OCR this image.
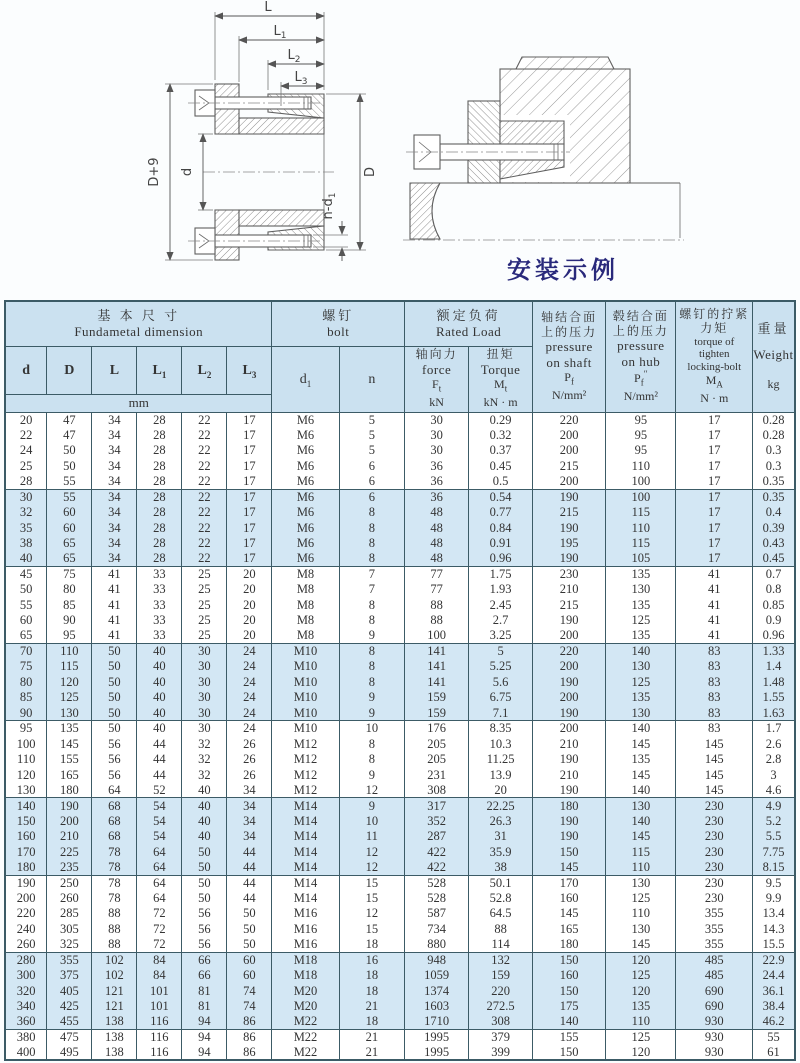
L
$L_1$
$L_2$
$L_3$
D+9 d	D
$n-d_1$
安装示例
基 本 尺 寸
Fundametal dimension

螺钉
bolt

额定负荷
Rated Load

轴结合面
上的压力
pressure
on shaft
$P_f$
N/mm²

毂结合面
上的压力
pressure
on hub
$P_f''$
N/mm²

螺钉的拧紧
力矩
torque of
tighten
locking-bolt
$M_A$
N · m

重量
Weight
kg

d	D	L	$L_1$	$L_2$	$L_3$	$d_1$	n	
轴向力
force
$F_t$
kN

扭矩
Torque
$M_t$
kN · m

mm													
20	47	34	28	22	17	M6	5	30	0.29	220	95	17	0.28
22	47	34	28	22	17	M6	5	30	0.32	200	95	17	0.28
24	50	34	28	22	17	M6	5	30	0.37	200	95	17	0.3
25	50	34	28	22	17	M6	6	36	0.45	215	110	17	0.3
28	55	34	28	22	17	M6	6	36	0.5	200	100	17	0.35
30	55	34	28	22	17	M6	6	36	0.54	190	100	17	0.35
32	60	34	28	22	17	M6	8	48	0.77	215	115	17	0.4
35	60	34	28	22	17	M6	8	48	0.84	190	110	17	0.39
38	65	34	28	22	17	M6	8	48	0.91	195	115	17	0.43
40	65	34	28	22	17	M6	8	48	0.96	190	105	17	0.45
45	75	41	33	25	20	M8	7	77	1.75	230	135	41	0.7
50	80	41	33	25	20	M8	7	77	1.93	210	130	41	0.8
55	85	41	33	25	20	M8	8	88	2.45	215	135	41	0.85
60	90	41	33	25	20	M8	8	88	2.7	190	125	41	0.9
65	95	41	33	25	20	M8	9	100	3.25	200	135	41	0.96
70	110	50	40	30	24	M10	8	141	5	220	140	83	1.33
75	115	50	40	30	24	M10	8	141	5.25	200	130	83	1.4
80	120	50	40	30	24	M10	8	141	5.6	190	125	83	1.48
85	125	50	40	30	24	M10	9	159	6.75	200	135	83	1.55
90	130	50	40	30	24	M10	9	159	7.1	190	130	83	1.63
95	135	50	40	30	24	M10	10	176	8.35	200	140	83	1.7
100	145	56	44	32	26	M12	8	205	10.3	210	145	145	2.6
110	155	56	44	32	26	M12	8	205	11.25	190	135	145	2.8
120	165	56	44	32	26	M12	9	231	13.9	210	145	145	3
130	180	64	52	40	34	M12	12	308	20	190	140	145	4.6
140	190	68	54	40	34	M14	9	317	22.25	180	130	230	4.9
150	200	68	54	40	34	M14	10	352	26.3	190	140	230	5.2
160	210	68	54	40	34	M14	11	287	31	190	145	230	5.5
170	225	78	64	50	44	M14	12	422	35.9	150	115	230	7.75
180	235	78	64	50	44	M14	12	422	38	145	110	230	8.15
190	250	78	64	50	44	M14	15	528	50.1	170	130	230	9.5
200	260	78	64	50	44	M14	15	528	52.8	160	125	230	9.9
220	285	88	72	56	50	M16	12	587	64.5	145	110	355	13.4
240	305	88	72	56	50	M16	15	734	88	165	130	355	14.3
260	325	88	72	56	50	M16	18	880	114	180	145	355	15.5
280	355	102	84	66	60	M18	16	948	132	150	120	485	22.9
300	375	102	84	66	60	M18	18	1059	159	160	125	485	24.4
320	405	121	101	81	74	M20	18	1374	220	150	120	690	36.1
340	425	121	101	81	74	M20	21	1603	272.5	175	135	690	38.4
360	455	138	116	94	86	M22	18	1710	308	140	110	930	46.2
380	475	138	116	94	86	M22	21	1995	379	155	125	930	55
400	495	138	116	94	86	M22	21	1995	399	150	120	930	61
